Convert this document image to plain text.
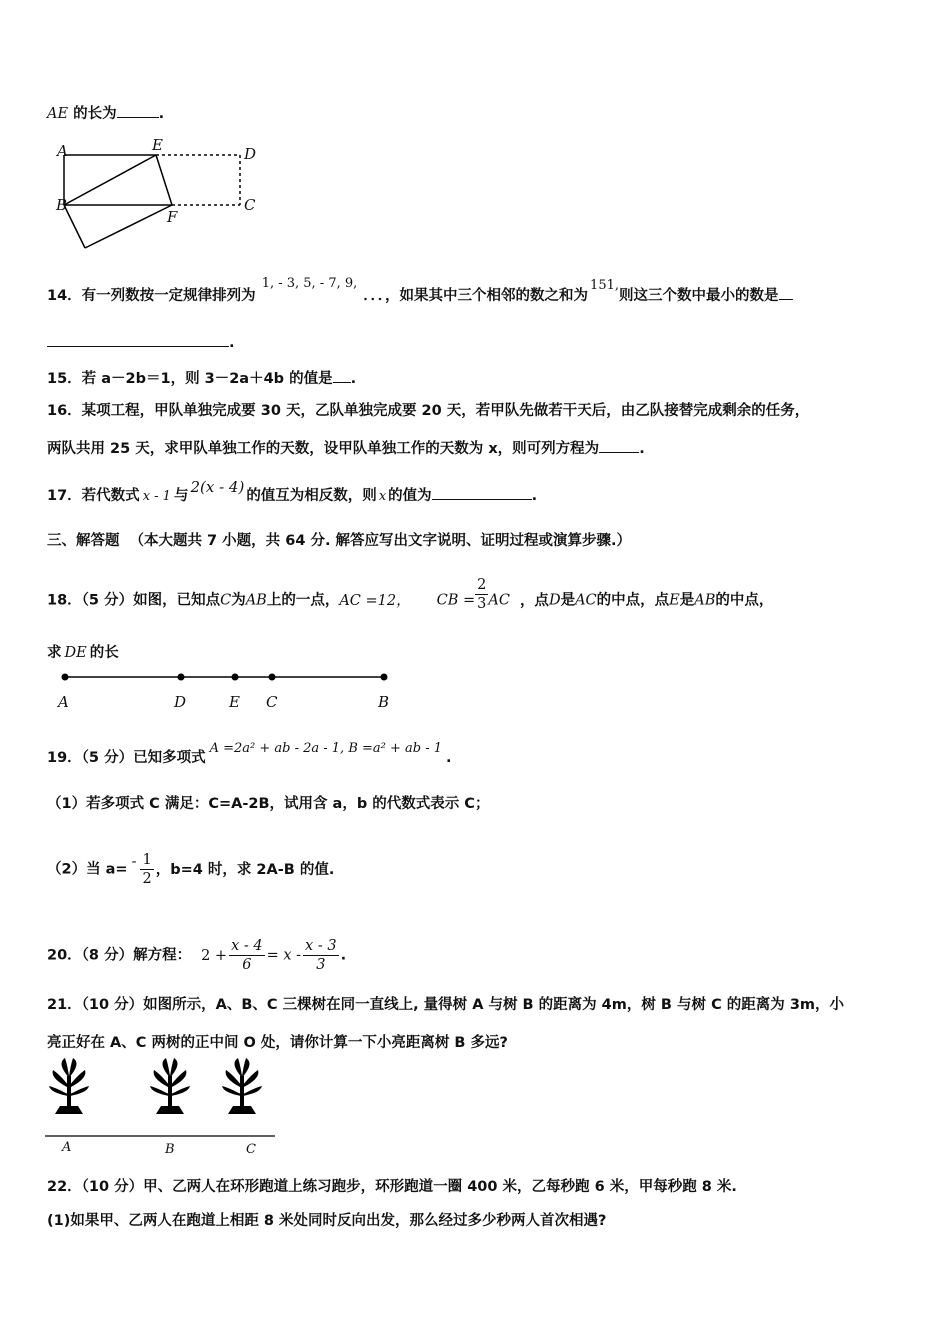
AE 的长为	.
A	E	D
B
F
C
14．有一列数按一定规律排列为1, - 3, 5, - 7, 9,．．．，如果其中三个相邻的数之和为151,则这三个数中最小的数是
.
15．若 a－2b＝1，则 3－2a＋4b 的值是 .
16．某项工程，甲队单独完成要 30 天，乙队单独完成要 20 天，若甲队先做若干天后，由乙队接替完成剩余的任务，
两队共用 25 天，求甲队单独工作的天数，设甲队单独工作的天数为 x，则可列方程为	.
17．若代数式 x - 1 与 2(x - 4) 的值互为相反数，则 x 的值为	.
三、解答题 （本大题共 7 小题，共 64 分. 解答应写出文字说明、证明过程或演算步骤.）
18．（5 分）如图，已知点C为AB上的一点，AC =12， CB = $\frac{2}{3}$ AC ，点D是AC的中点，点E是AB的中点，
求 DE 的长
A	D	E C	B
19．（5 分）已知多项式A =2a² + ab - 2a - 1, B =a² + ab - 1.
（1）若多项式 C 满足：C=A-2B，试用含 a，b 的代数式表示 C；
（2）当 $a= - \frac{1}{2}$ ，b=4 时，求 2A-B 的值.
20．（8 分）解方程： $2 + \frac{x - 4}{6} = x - \frac{x - 3}{3}$ .
21．（10 分）如图所示，A、B、C 三棵树在同一直线上, 量得树 A 与树 B 的距离为 4m，树 B 与树 C 的距离为 3m，小
亮正好在 A、C 两树的正中间 O 处，请你计算一下小亮距离树 B 多远?
A	B	C
22．（10 分）甲、乙两人在环形跑道上练习跑步，环形跑道一圈 400 米，乙每秒跑 6 米，甲每秒跑 8 米.
(1)如果甲、乙两人在跑道上相距 8 米处同时反向出发，那么经过多少秒两人首次相遇?
